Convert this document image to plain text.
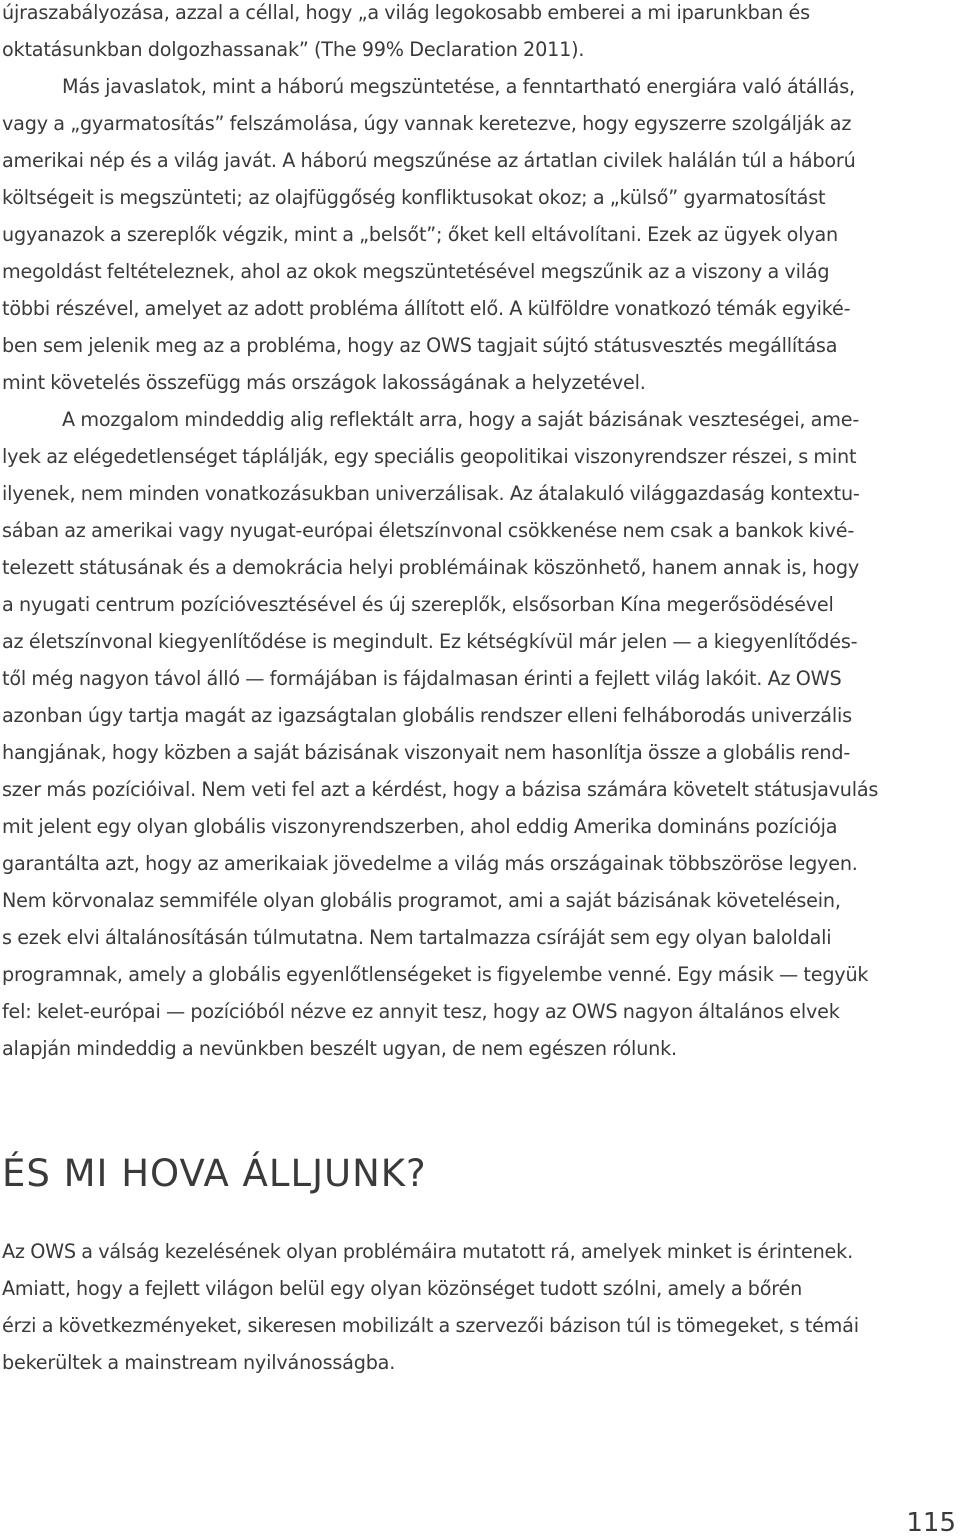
újraszabályozása, azzal a céllal, hogy „a világ legokosabb emberei a mi iparunkban és

oktatásunkban dolgozhassanak” (The 99% Declaration 2011).

Más javaslatok, mint a háború megszüntetése, a fenntartható energiára való átállás,

vagy a „gyarmatosítás” felszámolása, úgy vannak keretezve, hogy egyszerre szolgálják az

amerikai nép és a világ javát. A háború megszűnése az ártatlan civilek halálán túl a háború

költségeit is megszünteti; az olajfüggőség konfliktusokat okoz; a „külső” gyarmatosítást

ugyanazok a szereplők végzik, mint a „belsőt”; őket kell eltávolítani. Ezek az ügyek olyan

megoldást feltételeznek, ahol az okok megszüntetésével megszűnik az a viszony a világ

többi részével, amelyet az adott probléma állított elő. A külföldre vonatkozó témák egyiké-

ben sem jelenik meg az a probléma, hogy az OWS tagjait sújtó státusvesztés megállítása

mint követelés összefügg más országok lakosságának a helyzetével.

A mozgalom mindeddig alig reflektált arra, hogy a saját bázisának veszteségei, ame-

lyek az elégedetlenséget táplálják, egy speciális geopolitikai viszonyrendszer részei, s mint

ilyenek, nem minden vonatkozásukban univerzálisak. Az átalakuló világgazdaság kontextu-

sában az amerikai vagy nyugat-európai életszínvonal csökkenése nem csak a bankok kivé-

telezett státusának és a demokrácia helyi problémáinak köszönhető, hanem annak is, hogy

a nyugati centrum pozícióvesztésével és új szereplők, elsősorban Kína megerősödésével

az életszínvonal kiegyenlítődése is megindult. Ez kétségkívül már jelen — a kiegyenlítődés-

től még nagyon távol álló — formájában is fájdalmasan érinti a fejlett világ lakóit. Az OWS

azonban úgy tartja magát az igazságtalan globális rendszer elleni felháborodás univerzális

hangjának, hogy közben a saját bázisának viszonyait nem hasonlítja össze a globális rend-

szer más pozícióival. Nem veti fel azt a kérdést, hogy a bázisa számára követelt státusjavulás

mit jelent egy olyan globális viszonyrendszerben, ahol eddig Amerika domináns pozíciója

garantálta azt, hogy az amerikaiak jövedelme a világ más országainak többszöröse legyen.

Nem körvonalaz semmiféle olyan globális programot, ami a saját bázisának követelésein,

s ezek elvi általánosításán túlmutatna. Nem tartalmazza csíráját sem egy olyan baloldali

programnak, amely a globális egyenlőtlenségeket is figyelembe venné. Egy másik — tegyük

fel: kelet-európai — pozícióból nézve ez annyit tesz, hogy az OWS nagyon általános elvek

alapján mindeddig a nevünkben beszélt ugyan, de nem egészen rólunk.

ÉS MI HOVA ÁLLJUNK?

Az OWS a válság kezelésének olyan problémáira mutatott rá, amelyek minket is érintenek.

Amiatt, hogy a fejlett világon belül egy olyan közönséget tudott szólni, amely a bőrén

érzi a következményeket, sikeresen mobilizált a szervezői bázison túl is tömegeket, s témái

bekerültek a mainstream nyilvánosságba.

115
